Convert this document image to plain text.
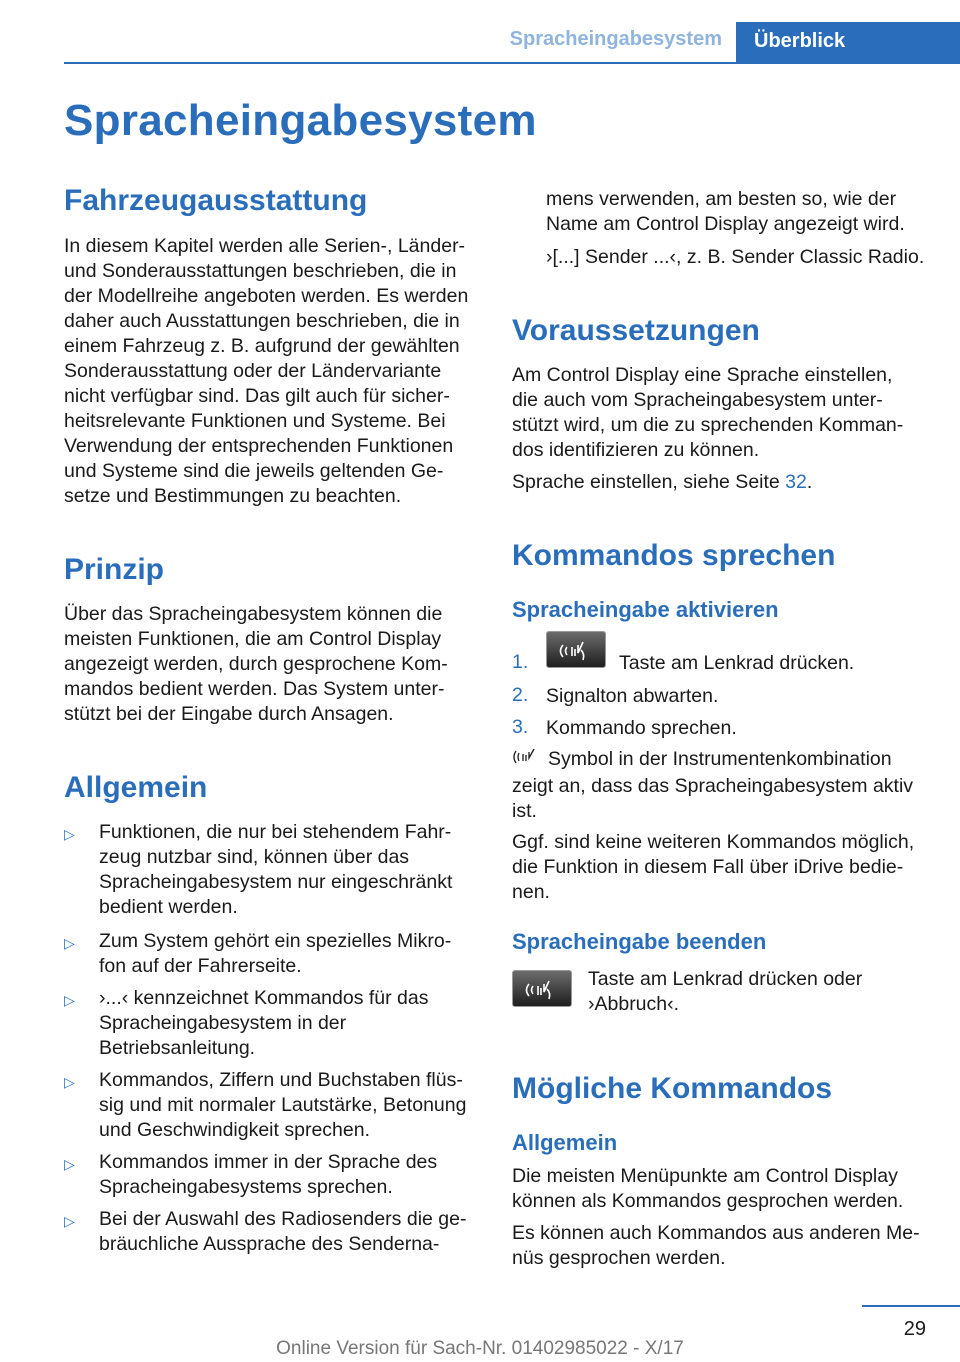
Spracheingabesystem	Überblick
Spracheingabesystem
Fahrzeugausstattung
In diesem Kapitel werden alle Serien-, Länder-
und Sonderausstattungen beschrieben, die in
der Modellreihe angeboten werden. Es werden
daher auch Ausstattungen beschrieben, die in
einem Fahrzeug z. B. aufgrund der gewählten
Sonderausstattung oder der Ländervariante
nicht verfügbar sind. Das gilt auch für sicher-
heitsrelevante Funktionen und Systeme. Bei
Verwendung der entsprechenden Funktionen
und Systeme sind die jeweils geltenden Ge-
setze und Bestimmungen zu beachten.
Prinzip
Über das Spracheingabesystem können die
meisten Funktionen, die am Control Display
angezeigt werden, durch gesprochene Kom-
mandos bedient werden. Das System unter-
stützt bei der Eingabe durch Ansagen.
Allgemein
▷ Funktionen, die nur bei stehendem Fahr-
zeug nutzbar sind, können über das
Spracheingabesystem nur eingeschränkt
bedient werden.
▷ Zum System gehört ein spezielles Mikro-
fon auf der Fahrerseite.
▷ ›...‹ kennzeichnet Kommandos für das
Spracheingabesystem in der
Betriebsanleitung.
▷ Kommandos, Ziffern und Buchstaben flüs-
sig und mit normaler Lautstärke, Betonung
und Geschwindigkeit sprechen.
▷ Kommandos immer in der Sprache des
Spracheingabesystems sprechen.
▷ Bei der Auswahl des Radiosenders die ge-
bräuchliche Aussprache des Senderna-
mens verwenden, am besten so, wie der
Name am Control Display angezeigt wird.
›[...] Sender ...‹, z. B. Sender Classic Radio.
Voraussetzungen
Am Control Display eine Sprache einstellen,
die auch vom Spracheingabesystem unter-
stützt wird, um die zu sprechenden Komman-
dos identifizieren zu können.
Sprache einstellen, siehe Seite 32.
Kommandos sprechen
Spracheingabe aktivieren
1.	Taste am Lenkrad drücken.
2. Signalton abwarten.
3. Kommando sprechen.
Symbol in der Instrumentenkombination
zeigt an, dass das Spracheingabesystem aktiv
ist.
Ggf. sind keine weiteren Kommandos möglich,
die Funktion in diesem Fall über iDrive bedie-
nen.
Spracheingabe beenden
Taste am Lenkrad drücken oder
›Abbruch‹.
Mögliche Kommandos
Allgemein
Die meisten Menüpunkte am Control Display
können als Kommandos gesprochen werden.
Es können auch Kommandos aus anderen Me-
nüs gesprochen werden.
29
Online Version für Sach-Nr. 01402985022 - X/17
